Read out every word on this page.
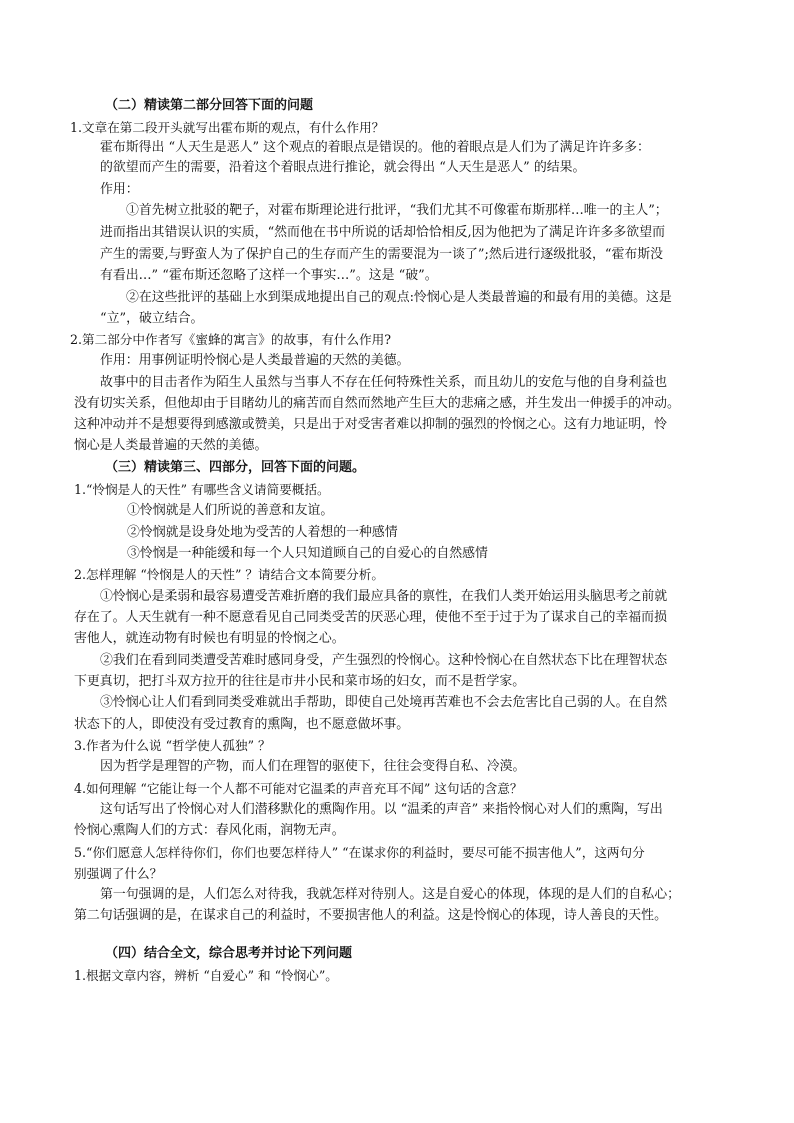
（二）精读第二部分回答下面的问题
1.文章在第二段开头就写出霍布斯的观点，有什么作用？
霍布斯得出 “人天生是恶人” 这个观点的着眼点是错误的。他的着眼点是人们为了满足许许多多：
的欲望而产生的需要，沿着这个着眼点进行推论，就会得出 “人天生是恶人” 的结果。
作用：
①首先树立批驳的靶子，对霍布斯理论进行批评，“我们尤其不可像霍布斯那样…唯一的主人”；
进而指出其错误认识的实质，“然而他在书中所说的话却恰恰相反,因为他把为了满足许许多多欲望而
产生的需要,与野蛮人为了保护自己的生存而产生的需要混为一谈了”;然后进行逐级批驳，“霍布斯没
有看出…” “霍布斯还忽略了这样一个事实…”。这是 “破”。
②在这些批评的基础上水到渠成地提出自己的观点:怜悯心是人类最普遍的和最有用的美德。这是
“立”，破立结合。
2.第二部分中作者写《蜜蜂的寓言》的故事，有什么作用?
作用：用事例证明怜悯心是人类最普遍的天然的美德。
故事中的目击者作为陌生人虽然与当事人不存在任何特殊性关系，而且幼儿的安危与他的自身利益也
没有切实关系，但他却由于目睹幼儿的痛苦而自然而然地产生巨大的悲痛之感，并生发出一伸援手的冲动。
这种冲动并不是想要得到感激或赞美，只是出于对受害者难以抑制的强烈的怜悯之心。这有力地证明，怜
悯心是人类最普遍的天然的美德。
（三）精读第三、四部分，回答下面的问题。
1.“怜悯是人的天性” 有哪些含义请简要概括。
①怜悯就是人们所说的善意和友谊。
②怜悯就是设身处地为受苦的人着想的一种感情
③怜悯是一种能缓和每一个人只知道顾自己的自爱心的自然感情
2.怎样理解 “怜悯是人的天性” ？请结合文本简要分析。
①怜悯心是柔弱和最容易遭受苦难折磨的我们最应具备的禀性，在我们人类开始运用头脑思考之前就
存在了。人天生就有一种不愿意看见自己同类受苦的厌恶心理，使他不至于过于为了谋求自己的幸福而损
害他人，就连动物有时候也有明显的怜悯之心。
②我们在看到同类遭受苦难时感同身受，产生强烈的怜悯心。这种怜悯心在自然状态下比在理智状态
下更真切，把打斗双方拉开的往往是市井小民和菜市场的妇女，而不是哲学家。
③怜悯心让人们看到同类受难就出手帮助，即使自己处境再苦难也不会去危害比自己弱的人。在自然
状态下的人，即使没有受过教育的熏陶，也不愿意做坏事。
3.作者为什么说 “哲学使人孤独” ？
因为哲学是理智的产物，而人们在理智的驱使下，往往会变得自私、冷漠。
4.如何理解 “它能让每一个人都不可能对它温柔的声音充耳不闻” 这句话的含意？
这句话写出了怜悯心对人们潜移默化的熏陶作用。以 “温柔的声音” 来指怜悯心对人们的熏陶，写出
怜悯心熏陶人们的方式：春风化雨，润物无声。
5.“你们愿意人怎样待你们，你们也要怎样待人” “在谋求你的利益时，要尽可能不损害他人”，这两句分
别强调了什么？
第一句强调的是，人们怎么对待我，我就怎样对待别人。这是自爱心的体现，体现的是人们的自私心；
第二句话强调的是，在谋求自己的利益时，不要损害他人的利益。这是怜悯心的体现，诗人善良的天性。
（四）结合全文，综合思考并讨论下列问题
1.根据文章内容，辨析 “自爱心” 和 “怜悯心”。
